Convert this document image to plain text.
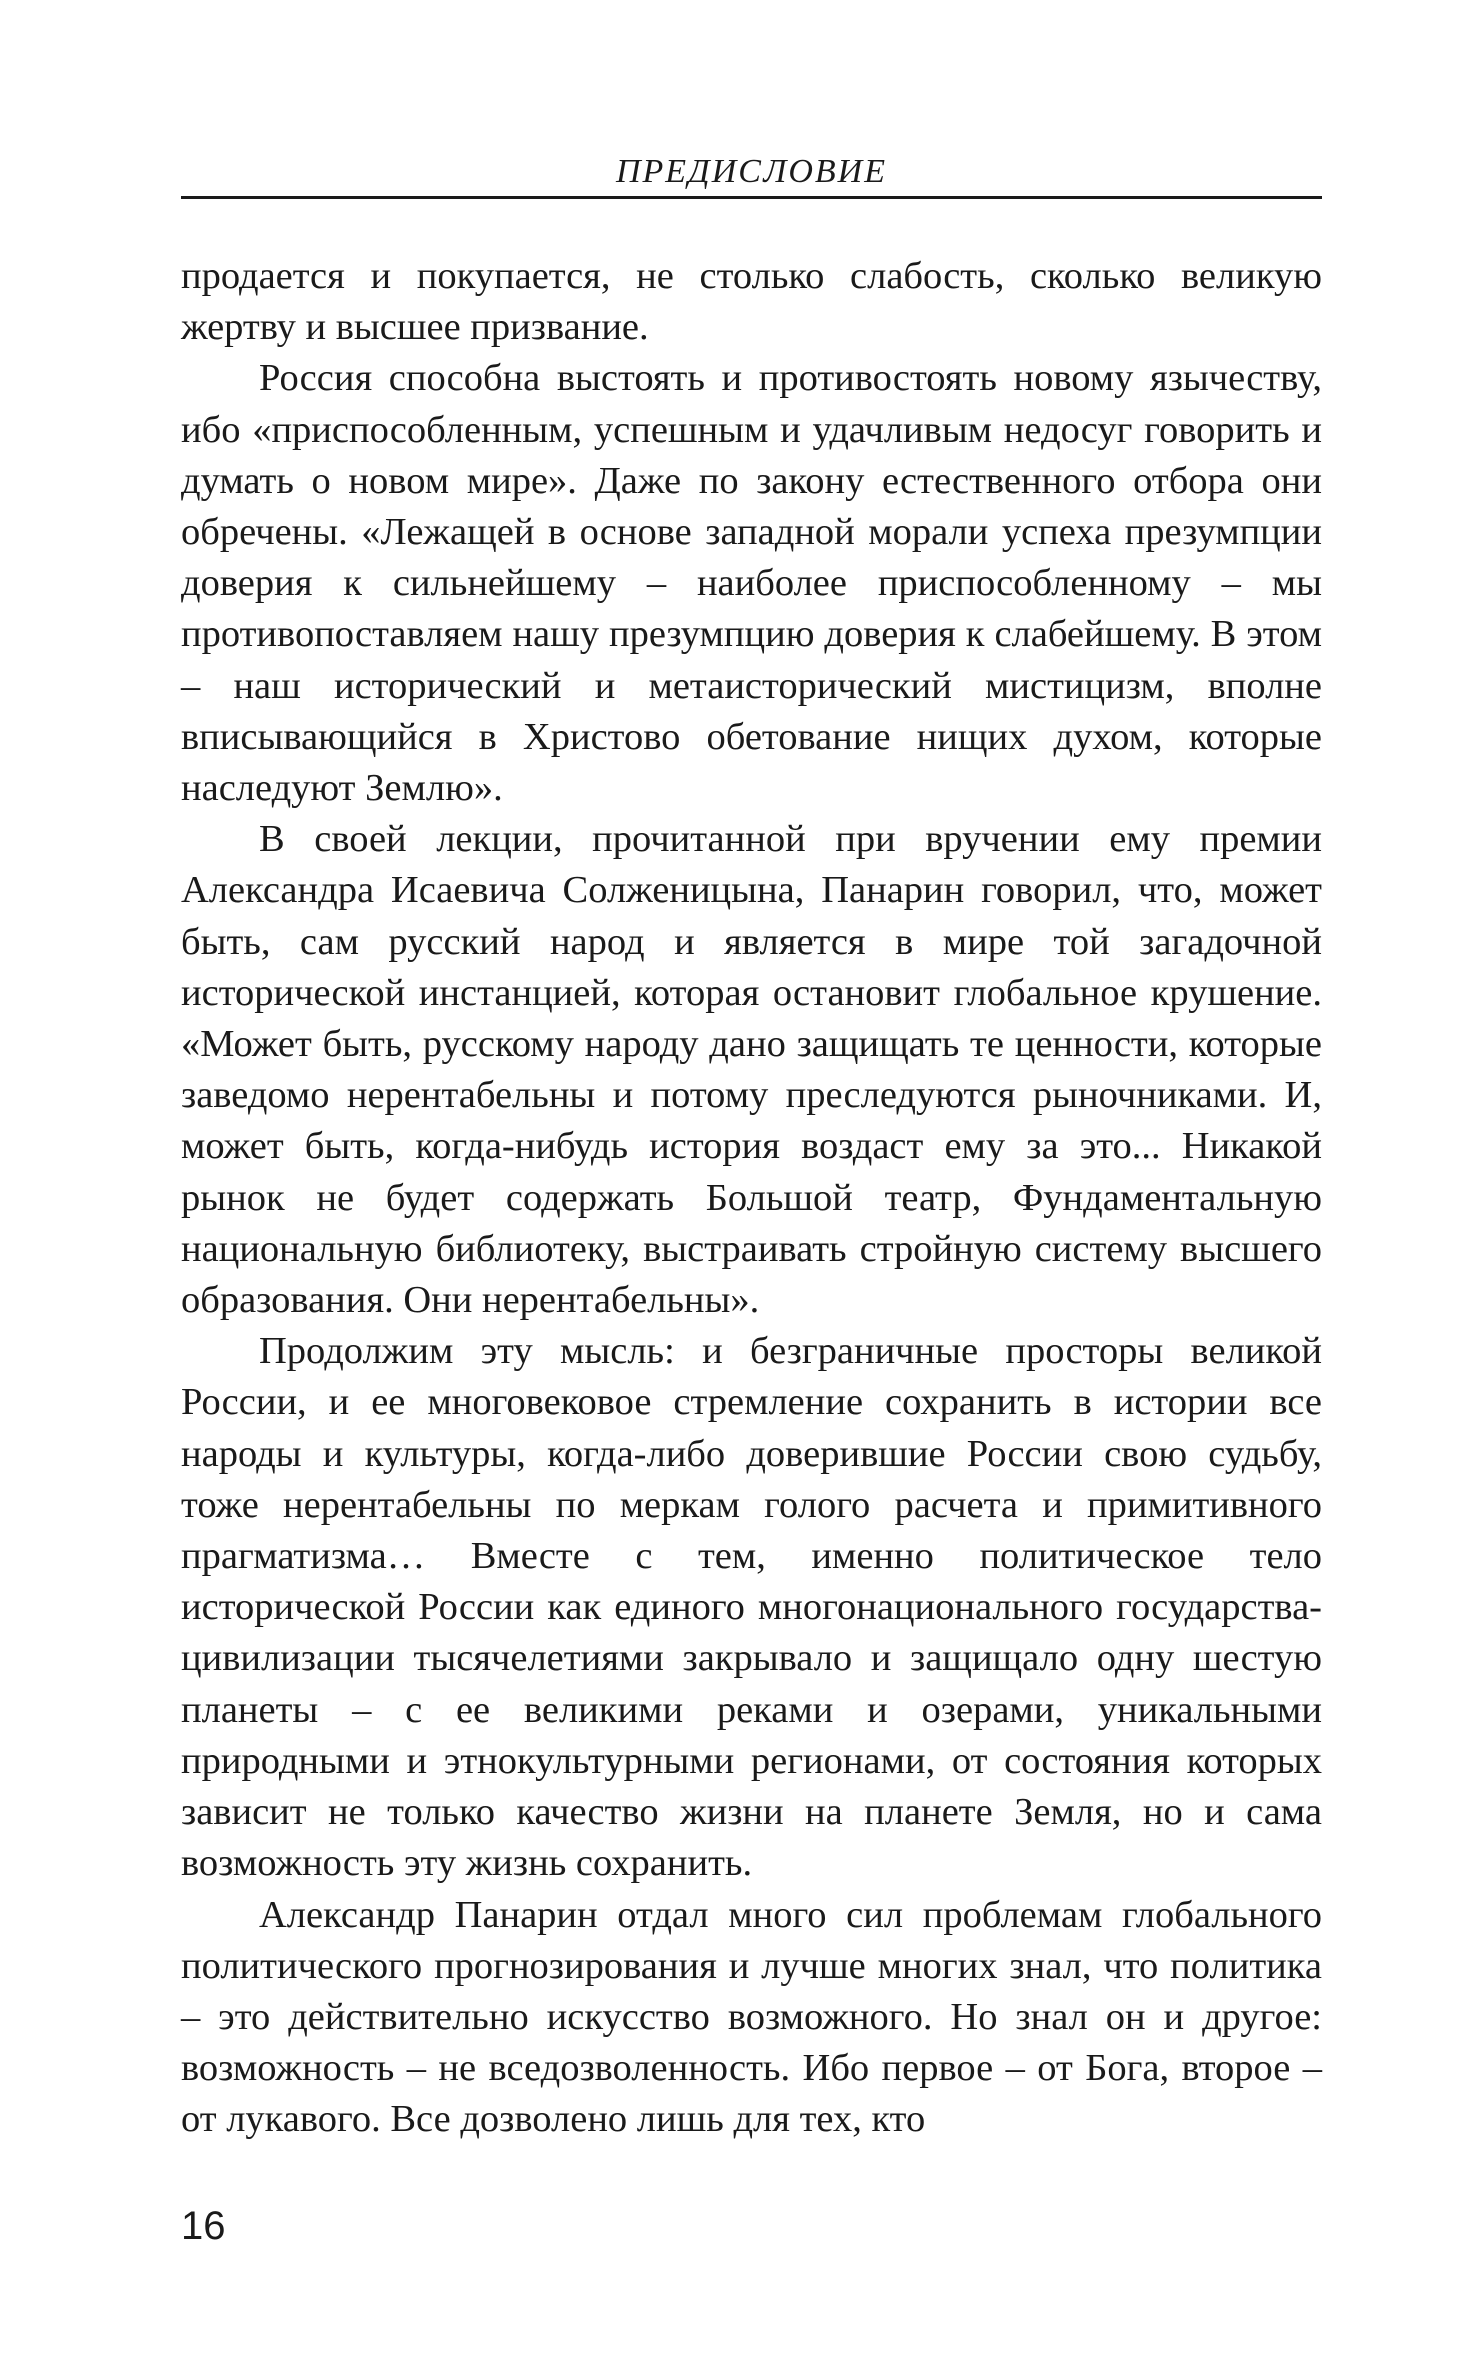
ПРЕДИСЛОВИЕ

продается и покупается, не столько слабость, сколько великую жертву и высшее призвание.

Россия способна выстоять и противостоять новому язычеству, ибо «приспособленным, успешным и удачливым недосуг говорить и думать о новом мире». Даже по закону естественного отбора они обречены. «Лежащей в основе западной морали успеха презумпции доверия к сильнейшему – наиболее приспособленному – мы противопоставляем нашу презумпцию доверия к слабейшему. В этом – наш исторический и метаисторический мистицизм, вполне вписывающийся в Христово обетование нищих духом, которые наследуют Землю».

В своей лекции, прочитанной при вручении ему премии Александра Исаевича Солженицына, Панарин говорил, что, может быть, сам русский народ и является в мире той загадочной исторической инстанцией, которая остановит глобальное крушение. «Может быть, русскому народу дано защищать те ценности, которые заведомо нерентабельны и потому преследуются рыночниками. И, может быть, когда-нибудь история воздаст ему за это... Никакой рынок не будет содержать Большой театр, Фундаментальную национальную библиотеку, выстраивать стройную систему высшего образования. Они нерентабельны».

Продолжим эту мысль: и безграничные просторы великой России, и ее многовековое стремление сохранить в истории все народы и культуры, когда-либо доверившие России свою судьбу, тоже нерентабельны по меркам голого расчета и примитивного прагматизма… Вместе с тем, именно политическое тело исторической России как единого многонационального государства-цивилизации тысячелетиями закрывало и защищало одну шестую планеты – с ее великими реками и озерами, уникальными природными и этнокультурными регионами, от состояния которых зависит не только качество жизни на планете Земля, но и сама возможность эту жизнь сохранить.

Александр Панарин отдал много сил проблемам глобального политического прогнозирования и лучше многих знал, что политика – это действительно искусство возможного. Но знал он и другое: возможность – не вседозволенность. Ибо первое – от Бога, второе – от лукавого. Все дозволено лишь для тех, кто

16
